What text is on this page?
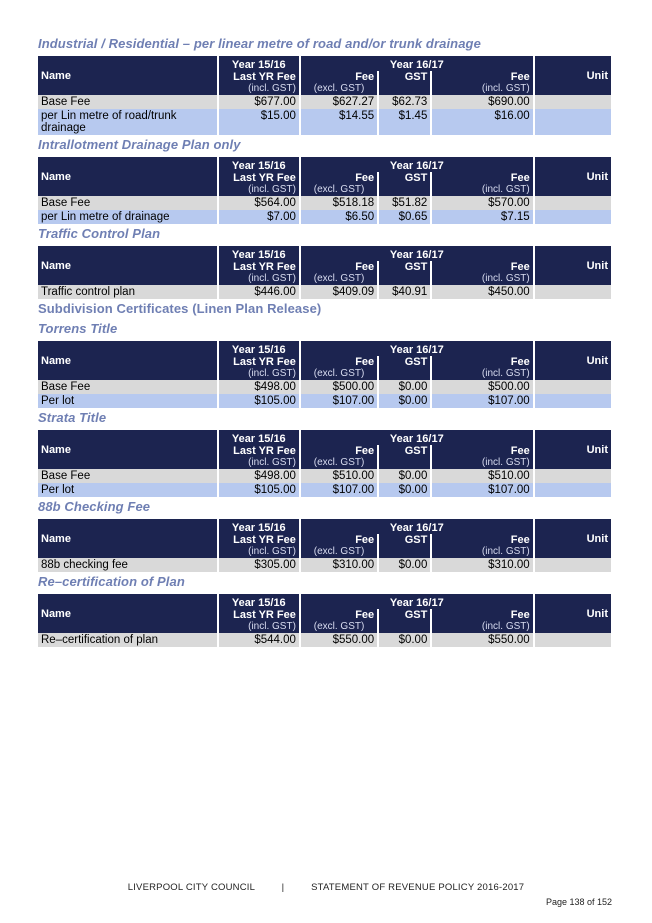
Industrial / Residential – per linear metre of road and/or trunk drainage
Name	Year 15/16	Year 16/17			Unit
	Last YR Fee	Fee	GST	Fee	
	(incl. GST)	(excl. GST)		(incl. GST)	
Base Fee	$677.00	$627.27	$62.73	$690.00	
per Lin metre of road/trunk drainage	$15.00	$14.55	$1.45	$16.00	
Intrallotment Drainage Plan only
Name	Year 15/16	Year 16/17			Unit
	Last YR Fee	Fee	GST	Fee	
	(incl. GST)	(excl. GST)		(incl. GST)	
Base Fee	$564.00	$518.18	$51.82	$570.00	
per Lin metre of drainage	$7.00	$6.50	$0.65	$7.15	
Traffic Control Plan
Name	Year 15/16	Year 16/17			Unit
	Last YR Fee	Fee	GST	Fee	
	(incl. GST)	(excl. GST)		(incl. GST)	
Traffic control plan	$446.00	$409.09	$40.91	$450.00	
Subdivision Certificates (Linen Plan Release)
Torrens Title
Name	Year 15/16	Year 16/17			Unit
	Last YR Fee	Fee	GST	Fee	
	(incl. GST)	(excl. GST)		(incl. GST)	
Base Fee	$498.00	$500.00	$0.00	$500.00	
Per lot	$105.00	$107.00	$0.00	$107.00	
Strata Title
Name	Year 15/16	Year 16/17			Unit
	Last YR Fee	Fee	GST	Fee	
	(incl. GST)	(excl. GST)		(incl. GST)	
Base Fee	$498.00	$510.00	$0.00	$510.00	
Per lot	$105.00	$107.00	$0.00	$107.00	
88b Checking Fee
Name	Year 15/16	Year 16/17			Unit
	Last YR Fee	Fee	GST	Fee	
	(incl. GST)	(excl. GST)		(incl. GST)	
88b checking fee	$305.00	$310.00	$0.00	$310.00	
Re–certification of Plan
Name	Year 15/16	Year 16/17			Unit
	Last YR Fee	Fee	GST	Fee	
	(incl. GST)	(excl. GST)		(incl. GST)	
Re–certification of plan	$544.00	$550.00	$0.00	$550.00	
LIVERPOOL CITY COUNCIL	|	STATEMENT OF REVENUE POLICY 2016-2017
Page 138 of 152
